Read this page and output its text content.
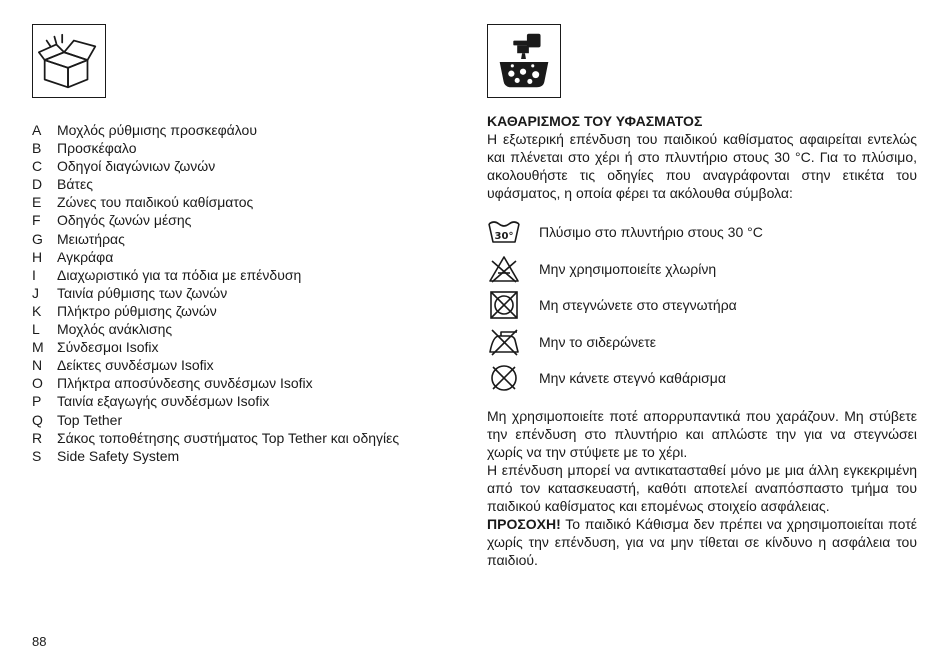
A Μοχλός ρύθμισης προσκεφάλου
B Προσκέφαλο
C Οδηγοί διαγώνιων ζωνών
D Βάτες
E Ζώνες του παιδικού καθίσματος
F Οδηγός ζωνών μέσης
G Μειωτήρας
H Αγκράφα
I Διαχωριστικό για τα πόδια με επένδυση
J Ταινία ρύθμισης των ζωνών
K Πλήκτρο ρύθμισης ζωνών
L Μοχλός ανάκλισης
M Σύνδεσμοι Isofix
N Δείκτες συνδέσμων Isofix
O Πλήκτρα αποσύνδεσης συνδέσμων Isofix
P Ταινία εξαγωγής συνδέσμων Isofix
Q Top Tether
R Σάκος τοποθέτησης συστήματος Top Tether και οδηγίες
S Side Safety System
88
ΚΑΘΑΡΙΣΜΟΣ ΤΟΥ ΥΦΑΣΜΑΤΟΣ

Η εξωτερική επένδυση του παιδικού καθίσματος αφαιρείται εντελώς και πλένεται στο χέρι ή στο πλυντήριο στους 30 °C. Για το πλύσιμο, ακολουθήστε τις οδηγίες που αναγράφονται στην ετικέτα του υφάσματος, η οποία φέρει τα ακόλουθα σύμβολα:

30° Πλύσιμο στο πλυντήριο στους 30 °C
Μην χρησιμοποιείτε χλωρίνη
Μη στεγνώνετε στο στεγνωτήρα
Μην το σιδερώνετε
Μην κάνετε στεγνό καθάρισμα

Μη χρησιμοποιείτε ποτέ απορρυπαντικά που χαράζουν. Μη στύβετε την επένδυση στο πλυντήριο και απλώστε την για να στεγνώσει χωρίς να την στύψετε με το χέρι.

Η επένδυση μπορεί να αντικατασταθεί μόνο με μια άλλη εγκεκριμένη από τον κατασκευαστή, καθότι αποτελεί αναπόσπαστο τμήμα του παιδικού καθίσματος και επομένως στοιχείο ασφάλειας.

ΠΡΟΣΟΧΗ! Το παιδικό Κάθισμα δεν πρέπει να χρησιμοποιείται ποτέ χωρίς την επένδυση, για να μην τίθεται σε κίνδυνο η ασφάλεια του παιδιού.
